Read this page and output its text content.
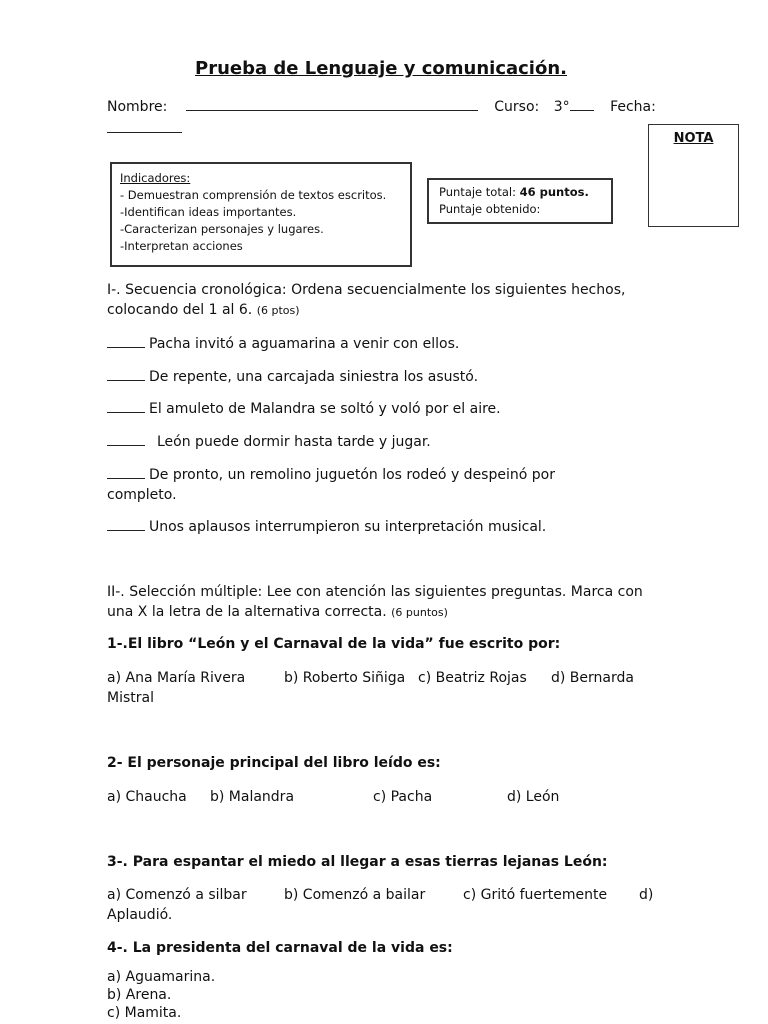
Prueba de Lenguaje y comunicación.
Nombre:	Curso: 3°	Fecha:
NOTA
Indicadores:
- Demuestran comprensión de textos escritos.
-Identifican ideas importantes.
-Caracterizan personajes y lugares.
-Interpretan acciones
Puntaje total: 46 puntos.
Puntaje obtenido:
I-. Secuencia cronológica: Ordena secuencialmente los siguientes hechos, colocando del 1 al 6. (6 ptos)
Pacha invitó a aguamarina a venir con ellos.
De repente, una carcajada siniestra los asustó.
El amuleto de Malandra se soltó y voló por el aire.
León puede dormir hasta tarde y jugar.
De pronto, un remolino juguetón los rodeó y despeinó por completo.
Unos aplausos interrumpieron su interpretación musical.
II-. Selección múltiple: Lee con atención las siguientes preguntas. Marca con una X la letra de la alternativa correcta. (6 puntos)
1-.El libro “León y el Carnaval de la vida” fue escrito por:
a) Ana María Rivera	b) Roberto Siñiga c) Beatriz Rojas	d) Bernarda Mistral
2- El personaje principal del libro leído es:
a) Chaucha b) Malandra	c) Pacha	d) León
3-. Para espantar el miedo al llegar a esas tierras lejanas León:
a) Comenzó a silbar	b) Comenzó a bailar	c) Gritó fuertemente	d) Aplaudió.
4-. La presidenta del carnaval de la vida es:
a) Aguamarina.
b) Arena.
c) Mamita.
